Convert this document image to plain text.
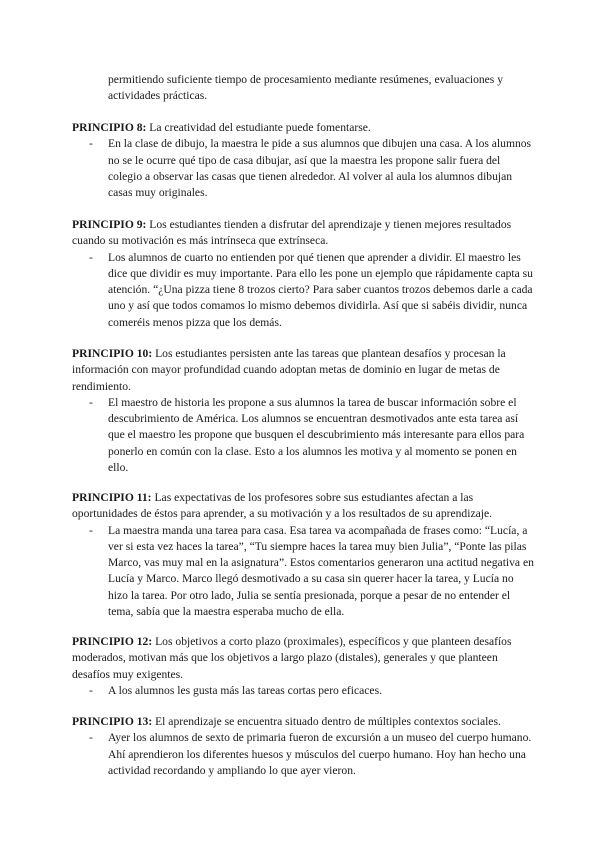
permitiendo suficiente tiempo de procesamiento mediante resúmenes, evaluaciones y actividades prácticas.

PRINCIPIO 8: La creatividad del estudiante puede fomentarse.

- En la clase de dibujo, la maestra le pide a sus alumnos que dibujen una casa. A los alumnos no se le ocurre qué tipo de casa dibujar, así que la maestra les propone salir fuera del colegio a observar las casas que tienen alrededor. Al volver al aula los alumnos dibujan casas muy originales.

PRINCIPIO 9: Los estudiantes tienden a disfrutar del aprendizaje y tienen mejores resultados cuando su motivación es más intrínseca que extrínseca.

- Los alumnos de cuarto no entienden por qué tienen que aprender a dividir. El maestro les dice que dividir es muy importante. Para ello les pone un ejemplo que rápidamente capta su atención. “¿Una pizza tiene 8 trozos cierto? Para saber cuantos trozos debemos darle a cada uno y así que todos comamos lo mismo debemos dividirla. Así que si sabéis dividir, nunca comeréis menos pizza que los demás.

PRINCIPIO 10: Los estudiantes persisten ante las tareas que plantean desafíos y procesan la información con mayor profundidad cuando adoptan metas de dominio en lugar de metas de rendimiento.

- El maestro de historia les propone a sus alumnos la tarea de buscar información sobre el descubrimiento de América. Los alumnos se encuentran desmotivados ante esta tarea así que el maestro les propone que busquen el descubrimiento más interesante para ellos para ponerlo en común con la clase. Esto a los alumnos les motiva y al momento se ponen en ello.

PRINCIPIO 11: Las expectativas de los profesores sobre sus estudiantes afectan a las oportunidades de éstos para aprender, a su motivación y a los resultados de su aprendizaje.

- La maestra manda una tarea para casa. Esa tarea va acompañada de frases como: “Lucía, a ver si esta vez haces la tarea”, “Tu siempre haces la tarea muy bien Julia”, “Ponte las pilas Marco, vas muy mal en la asignatura”. Estos comentarios generaron una actitud negativa en Lucía y Marco. Marco llegó desmotivado a su casa sin querer hacer la tarea, y Lucía no hizo la tarea. Por otro lado, Julia se sentía presionada, porque a pesar de no entender el tema, sabía que la maestra esperaba mucho de ella.

PRINCIPIO 12: Los objetivos a corto plazo (proximales), específicos y que planteen desafíos moderados, motivan más que los objetivos a largo plazo (distales), generales y que planteen desafíos muy exigentes.

- A los alumnos les gusta más las tareas cortas pero eficaces.

PRINCIPIO 13: El aprendizaje se encuentra situado dentro de múltiples contextos sociales.

- Ayer los alumnos de sexto de primaria fueron de excursión a un museo del cuerpo humano. Ahí aprendieron los diferentes huesos y músculos del cuerpo humano. Hoy han hecho una actividad recordando y ampliando lo que ayer vieron.
